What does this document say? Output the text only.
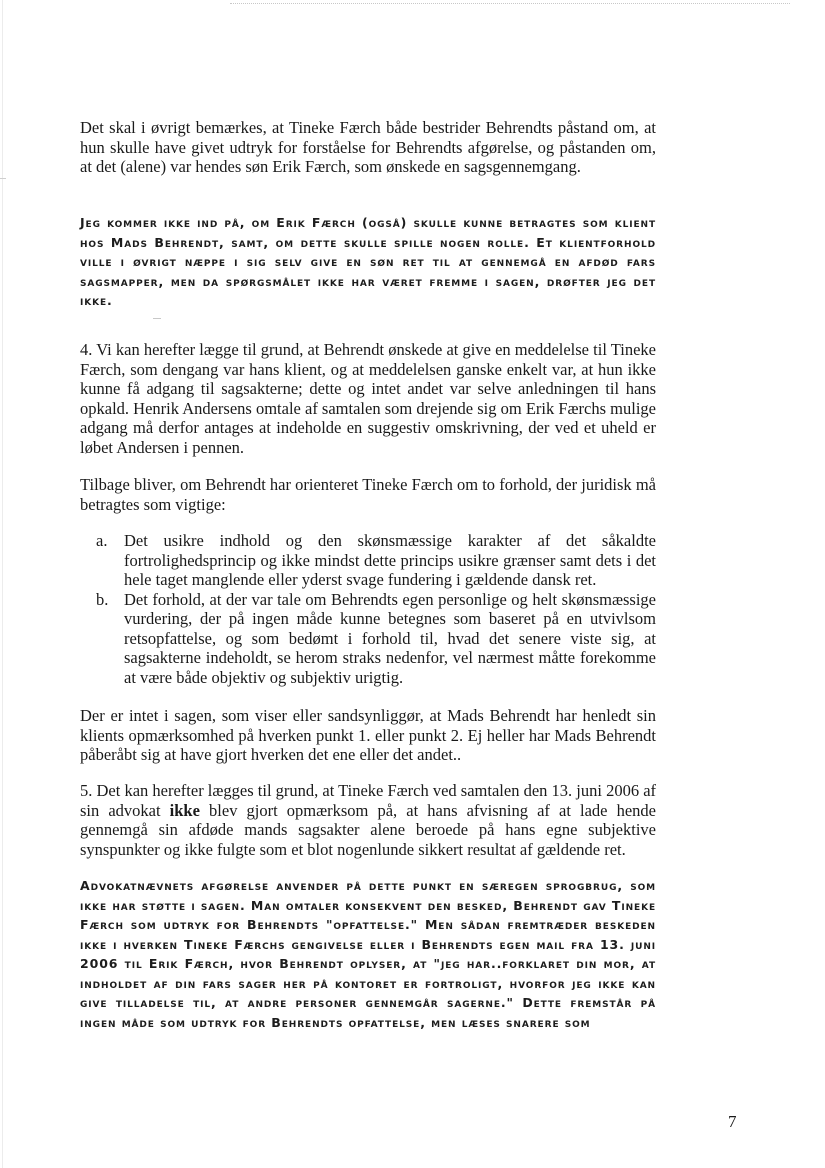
Det skal i øvrigt bemærkes, at Tineke Færch både bestrider Behrendts påstand om, at hun skulle have givet udtryk for forståelse for Behrendts afgørelse, og påstanden om, at det (alene) var hendes søn Erik Færch, som ønskede en sagsgennemgang.

Jeg kommer ikke ind på, om Erik Færch (også) skulle kunne betragtes som klient hos Mads Behrendt, samt, om dette skulle spille nogen rolle. Et klientforhold ville i øvrigt næppe i sig selv give en søn ret til at gennemgå en afdød fars sagsmapper, men da spørgsmålet ikke har været fremme i sagen, drøfter jeg det ikke.

4. Vi kan herefter lægge til grund, at Behrendt ønskede at give en meddelelse til Tineke Færch, som dengang var hans klient, og at meddelelsen ganske enkelt var, at hun ikke kunne få adgang til sagsakterne; dette og intet andet var selve anledningen til hans opkald. Henrik Andersens omtale af samtalen som drejende sig om Erik Færchs mulige adgang må derfor antages at indeholde en suggestiv omskrivning, der ved et uheld er løbet Andersen i pennen.

Tilbage bliver, om Behrendt har orienteret Tineke Færch om to forhold, der juridisk må betragtes som vigtige:

a.	Det usikre indhold og den skønsmæssige karakter af det såkaldte fortrolighedsprincip og ikke mindst dette princips usikre grænser samt dets i det hele taget manglende eller yderst svage fundering i gældende dansk ret.
b. Det forhold, at der var tale om Behrendts egen personlige og helt skønsmæssige vurdering, der på ingen måde kunne betegnes som baseret på en utvivlsom retsopfattelse, og som bedømt i forhold til, hvad det senere viste sig, at sagsakterne indeholdt, se herom straks nedenfor, vel nærmest måtte forekomme at være både objektiv og subjektiv urigtig.

Der er intet i sagen, som viser eller sandsynliggør, at Mads Behrendt har henledt sin klients opmærksomhed på hverken punkt 1. eller punkt 2. Ej heller har Mads Behrendt påberåbt sig at have gjort hverken det ene eller det andet..

5. Det kan herefter lægges til grund, at Tineke Færch ved samtalen den 13. juni 2006 af sin advokat ikke blev gjort opmærksom på, at hans afvisning af at lade hende gennemgå sin afdøde mands sagsakter alene beroede på hans egne subjektive synspunkter og ikke fulgte som et blot nogenlunde sikkert resultat af gældende ret.

Advokatnævnets afgørelse anvender på dette punkt en særegen sprogbrug, som ikke har støtte i sagen. Man omtaler konsekvent den besked, Behrendt gav Tineke Færch som udtryk for Behrendts "opfattelse." Men sådan fremtræder beskeden ikke i hverken Tineke Færchs gengivelse eller i Behrendts egen mail fra 13. juni 2006 til Erik Færch, hvor Behrendt oplyser, at "jeg har..forklaret din mor, at indholdet af din fars sager her på kontoret er fortroligt, hvorfor jeg ikke kan give tilladelse til, at andre personer gennemgår sagerne." Dette fremstår på ingen måde som udtryk for Behrendts opfattelse, men læses snarere som

7
